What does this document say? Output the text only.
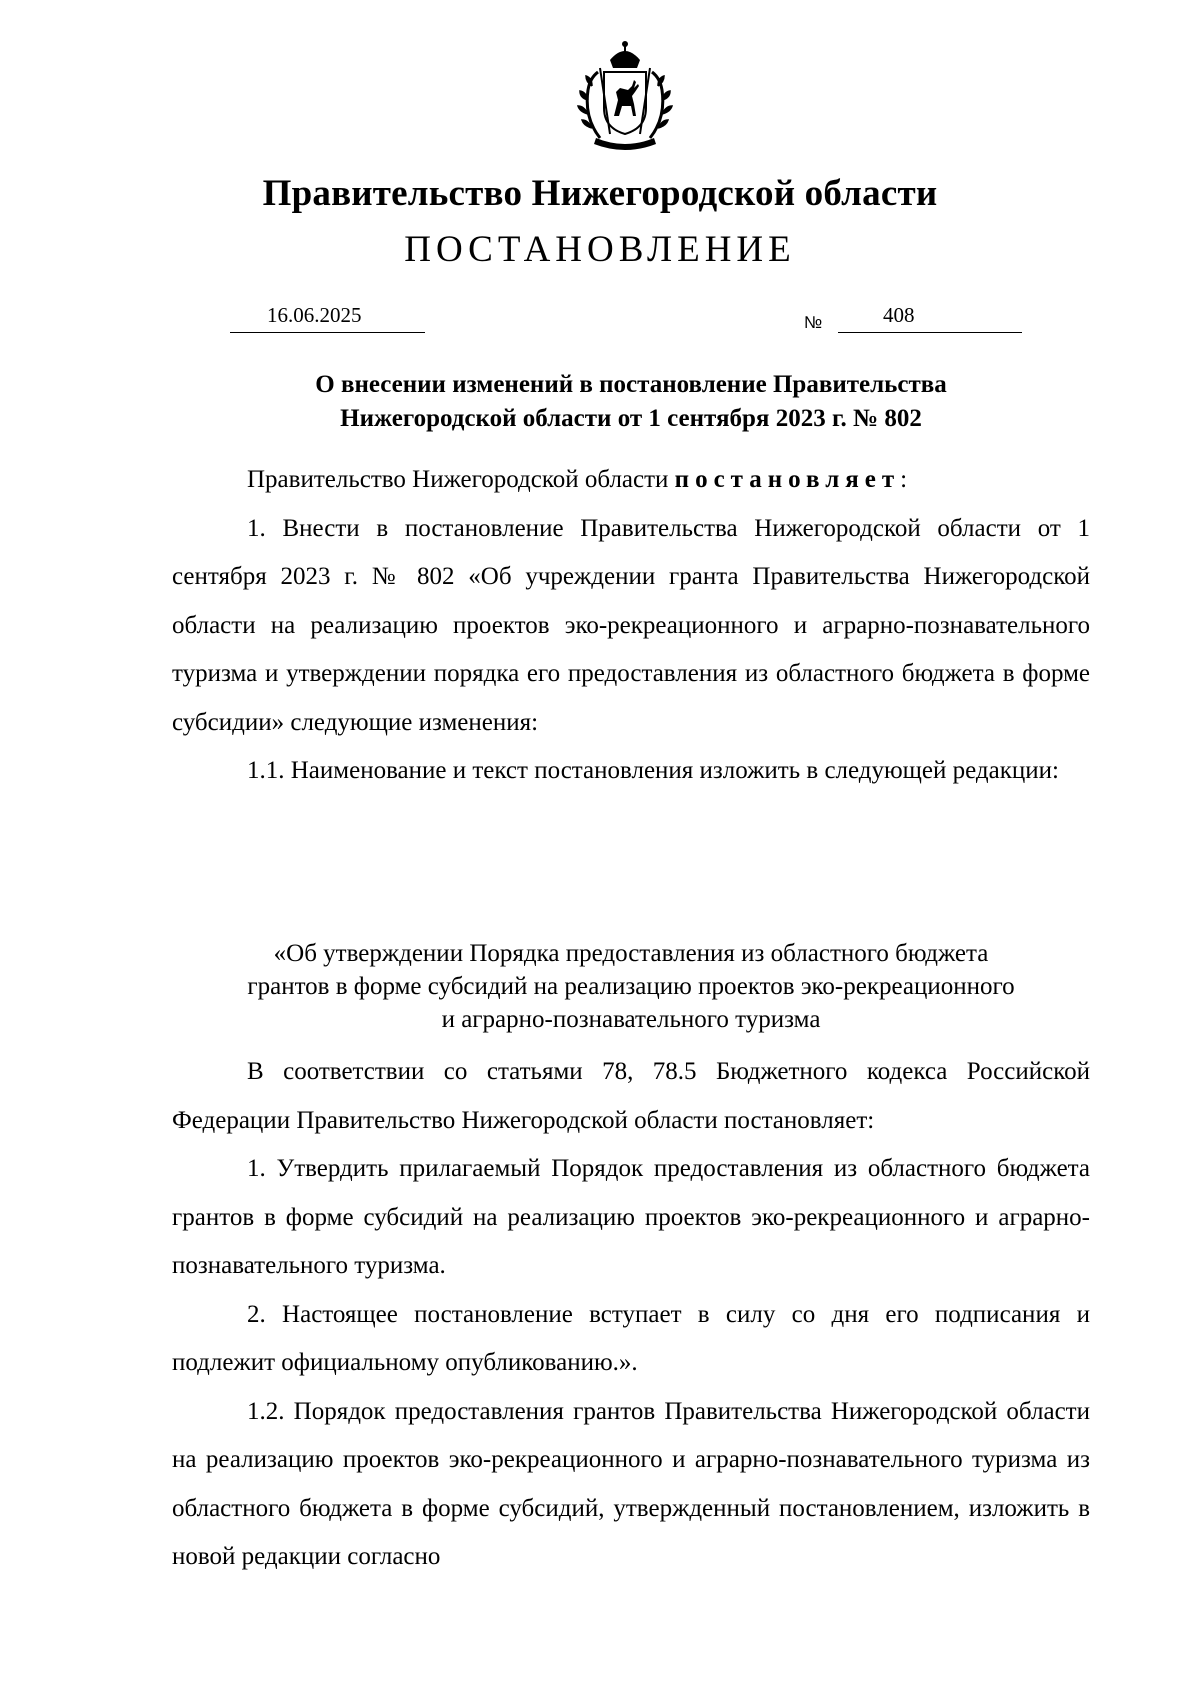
Правительство Нижегородской области
ПОСТАНОВЛЕНИЕ
16.06.2025	№	408
О внесении изменений в постановление Правительства
Нижегородской области от 1 сентября 2023 г. № 802

Правительство Нижегородской области постановляет:

1. Внести в постановление Правительства Нижегородской области от 1 сентября 2023 г. № 802 «Об учреждении гранта Правительства Нижегородской области на реализацию проектов эко-рекреационного и аграрно-познавательного туризма и утверждении порядка его предоставления из областного бюджета в форме субсидии» следующие изменения:

1.1. Наименование и текст постановления изложить в следующей редакции:

«Об утверждении Порядка предоставления из областного бюджета
грантов в форме субсидий на реализацию проектов эко-рекреационного
и аграрно-познавательного туризма

В соответствии со статьями 78, 78.5 Бюджетного кодекса Российской Федерации Правительство Нижегородской области постановляет:

1. Утвердить прилагаемый Порядок предоставления из областного бюджета грантов в форме субсидий на реализацию проектов эко-рекреационного и аграрно-познавательного туризма.

2. Настоящее постановление вступает в силу со дня его подписания и подлежит официальному опубликованию.».

1.2. Порядок предоставления грантов Правительства Нижегородской области на реализацию проектов эко-рекреационного и аграрно-познавательного туризма из областного бюджета в форме субсидий, утвержденный постановлением, изложить в новой редакции согласно
